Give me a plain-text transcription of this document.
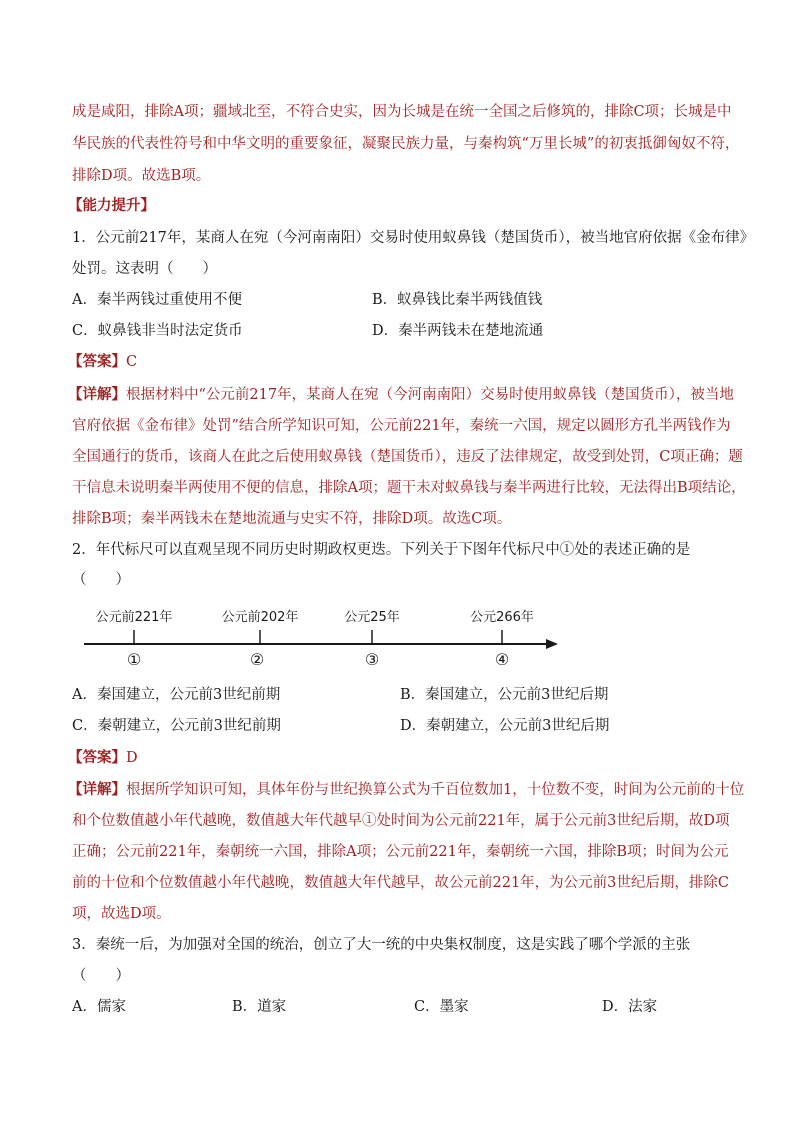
成是咸阳，排除A项；疆域北至，不符合史实，因为长城是在统一全国之后修筑的，排除C项；长城是中
华民族的代表性符号和中华文明的重要象征，凝聚民族力量，与秦构筑“万里长城”的初衷抵御匈奴不符，
排除D项。故选B项。
【能力提升】
1．公元前217年，某商人在宛（今河南南阳）交易时使用蚁鼻钱（楚国货币），被当地官府依据《金布律》
处罚。这表明（　　）
A．秦半两钱过重使用不便	B．蚁鼻钱比秦半两钱值钱
C．蚁鼻钱非当时法定货币	D．秦半两钱未在楚地流通
【答案】C
【详解】根据材料中“公元前217年，某商人在宛（今河南南阳）交易时使用蚁鼻钱（楚国货币），被当地
官府依据《金布律》处罚”结合所学知识可知，公元前221年，秦统一六国，规定以圆形方孔半两钱作为
全国通行的货币，该商人在此之后使用蚁鼻钱（楚国货币），违反了法律规定，故受到处罚，C项正确；题
干信息未说明秦半两使用不便的信息，排除A项；题干未对蚁鼻钱与秦半两进行比较，无法得出B项结论，
排除B项；秦半两钱未在楚地流通与史实不符，排除D项。故选C项。
2．年代标尺可以直观呈现不同历史时期政权更迭。下列关于下图年代标尺中①处的表述正确的是
（　　）
公元前221年	公元前202年	公元25年	公元266年
①	②	③	④
A．秦国建立，公元前3世纪前期	B．秦国建立，公元前3世纪后期
C．秦朝建立，公元前3世纪前期	D．秦朝建立，公元前3世纪后期
【答案】D
【详解】根据所学知识可知，具体年份与世纪换算公式为千百位数加1，十位数不变，时间为公元前的十位
和个位数值越小年代越晚，数值越大年代越早①处时间为公元前221年，属于公元前3世纪后期，故D项
正确；公元前221年，秦朝统一六国，排除A项；公元前221年，秦朝统一六国，排除B项；时间为公元
前的十位和个位数值越小年代越晚，数值越大年代越早，故公元前221年，为公元前3世纪后期，排除C
项，故选D项。
3．秦统一后，为加强对全国的统治，创立了大一统的中央集权制度，这是实践了哪个学派的主张
（　　）
A．儒家	B．道家	C．墨家	D．法家
